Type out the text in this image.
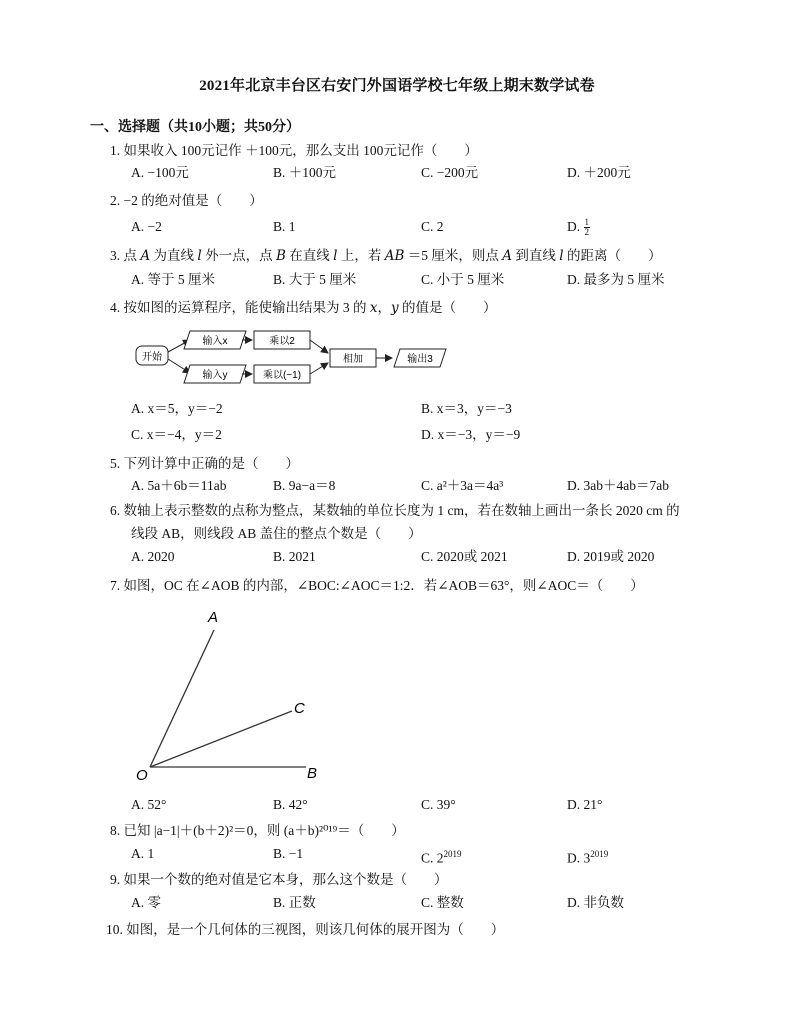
2021年北京丰台区右安门外国语学校七年级上期末数学试卷
一、选择题（共10小题；共50分）
1. 如果收入 100元记作 ＋100元，那么支出 100元记作（　　）
A. −100元	B. ＋100元	C. −200元	D. ＋200元
2. −2 的绝对值是（　　）
A. −2	B. 1	C. 2	D. $\frac{1}{2}$
3. 点 A 为直线 l 外一点，点 B 在直线 l 上，若 AB ＝5 厘米，则点 A 到直线 l 的距离（　　）
A. 等于 5 厘米	B. 大于 5 厘米	C. 小于 5 厘米	D. 最多为 5 厘米
4. 按如图的运算程序，能使输出结果为 3 的 x，y 的值是（　　）
开始
输入x
输入y
乘以2
乘以(−1)
相加	输出3
A. x＝5，y＝−2	B. x＝3，y＝−3
C. x＝−4，y＝2	D. x＝−3，y＝−9
5. 下列计算中正确的是（　　）
A. 5a＋6b＝11ab	B. 9a−a＝8	C. a²＋3a＝4a³	D. 3ab＋4ab＝7ab
6. 数轴上表示整数的点称为整点，某数轴的单位长度为 1 cm，若在数轴上画出一条长 2020 cm 的
线段 AB，则线段 AB 盖住的整点个数是（　　）
A. 2020	B. 2021	C. 2020或 2021	D. 2019或 2020
7. 如图，OC 在∠AOB 的内部，∠BOC:∠AOC＝1:2．若∠AOB＝63°，则∠AOC＝（　　）
A
C
B
O
A. 52°	B. 42°	C. 39°	D. 21°
8. 已知 |a−1|＋(b＋2)²＝0，则 (a＋b)²⁰¹⁹＝（　　）
A. 1	B. −1	C. $2^{2019}$	D. $3^{2019}$
9. 如果一个数的绝对值是它本身，那么这个数是（　　）
A. 零	B. 正数	C. 整数	D. 非负数
10. 如图，是一个几何体的三视图，则该几何体的展开图为（　　）
